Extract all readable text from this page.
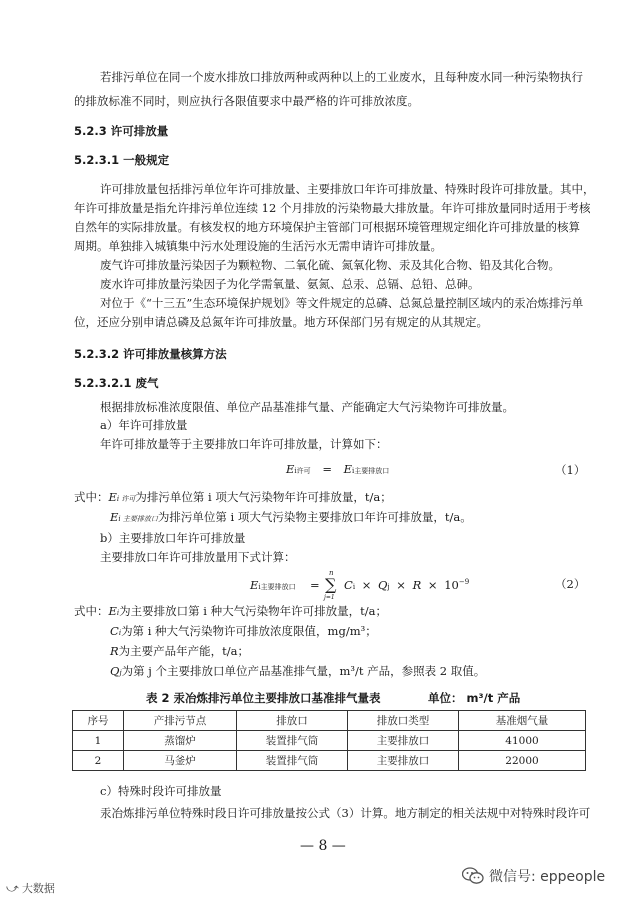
若排污单位在同一个废水排放口排放两种或两种以上的工业废水，且每种废水同一种污染物执行
的排放标准不同时，则应执行各限值要求中最严格的许可排放浓度。
5.2.3 许可排放量
5.2.3.1 一般规定
许可排放量包括排污单位年许可排放量、主要排放口年许可排放量、特殊时段许可排放量。其中，
年许可排放量是指允许排污单位连续 12 个月排放的污染物最大排放量。年许可排放量同时适用于考核
自然年的实际排放量。有核发权的地方环境保护主管部门可根据环境管理规定细化许可排放量的核算
周期。单独排入城镇集中污水处理设施的生活污水无需申请许可排放量。
废气许可排放量污染因子为颗粒物、二氧化硫、氮氧化物、汞及其化合物、铅及其化合物。
废水许可排放量污染因子为化学需氧量、氨氮、总汞、总镉、总铅、总砷。
对位于《“十三五”生态环境保护规划》等文件规定的总磷、总氮总量控制区域内的汞冶炼排污单
位，还应分别申请总磷及总氮年许可排放量。地方环保部门另有规定的从其规定。
5.2.3.2 许可排放量核算方法
5.2.3.2.1 废气
根据排放标准浓度限值、单位产品基准排气量、产能确定大气污染物许可排放量。
a）年许可排放量
年许可排放量等于主要排放口年许可排放量，计算如下：
Ei许可 = Ei主要排放口	（1）
式中：Ei 许可为排污单位第 i 项大气污染物年许可排放量，t/a；
Ei 主要排放口为排污单位第 i 项大气污染物主要排放口年许可排放量，t/a。
b）主要排放口年许可排放量
主要排放口年许可排放量用下式计算：
Ei主要排放口 =
n
∑
j=1
$Ci \times Qj \times R \times 10^{-9}$	（2）
式中：Ei为主要排放口第 i 种大气污染物年许可排放量，t/a；
Ci为第 i 种大气污染物许可排放浓度限值，mg/m³；
R为主要产品年产能，t/a；
Qj为第 j 个主要排放口单位产品基准排气量，m³/t 产品，参照表 2 取值。
表 2 汞冶炼排污单位主要排放口基准排气量表	单位： m³/t 产品
序号	产排污节点	排放口	排放口类型	基准烟气量
1	蒸馏炉	装置排气筒	主要排放口	41000
2	马釜炉	装置排气筒	主要排放口	22000
c）特殊时段许可排放量
汞冶炼排污单位特殊时段日许可排放量按公式（3）计算。地方制定的相关法规中对特殊时段许可
— 8 —
⤻ 大数据
微信号: eppeople
